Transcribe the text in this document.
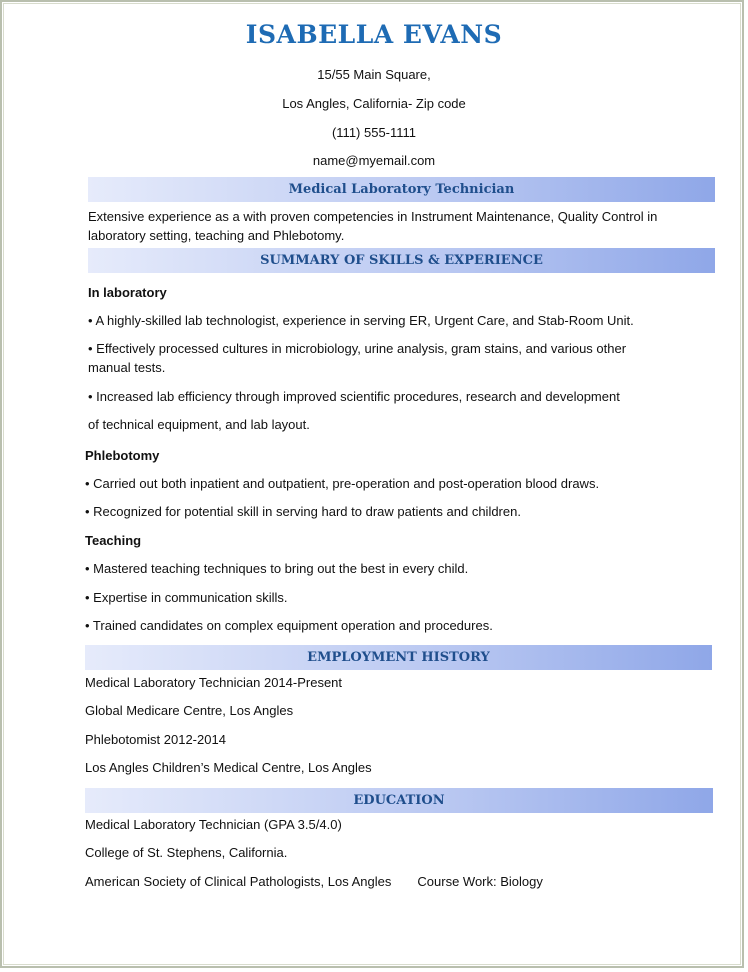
ISABELLA EVANS
15/55 Main Square,
Los Angles, California- Zip code
(111) 555-1111
name@myemail.com
Medical Laboratory Technician
Extensive experience as a with proven competencies in Instrument Maintenance, Quality Control in
laboratory setting, teaching and Phlebotomy.
SUMMARY OF SKILLS & EXPERIENCE
In laboratory
• A highly-skilled lab technologist, experience in serving ER, Urgent Care, and Stab-Room Unit.
• Effectively processed cultures in microbiology, urine analysis, gram stains, and various other
manual tests.
• Increased lab efficiency through improved scientific procedures, research and development
of technical equipment, and lab layout.
Phlebotomy
• Carried out both inpatient and outpatient, pre-operation and post-operation blood draws.
• Recognized for potential skill in serving hard to draw patients and children.
Teaching
• Mastered teaching techniques to bring out the best in every child.
• Expertise in communication skills.
• Trained candidates on complex equipment operation and procedures.
EMPLOYMENT HISTORY
Medical Laboratory Technician 2014-Present
Global Medicare Centre, Los Angles
Phlebotomist 2012-2014
Los Angles Children’s Medical Centre, Los Angles
EDUCATION
Medical Laboratory Technician (GPA 3.5/4.0)
College of St. Stephens, California.
American Society of Clinical Pathologists, Los Angles Course Work: Biology
